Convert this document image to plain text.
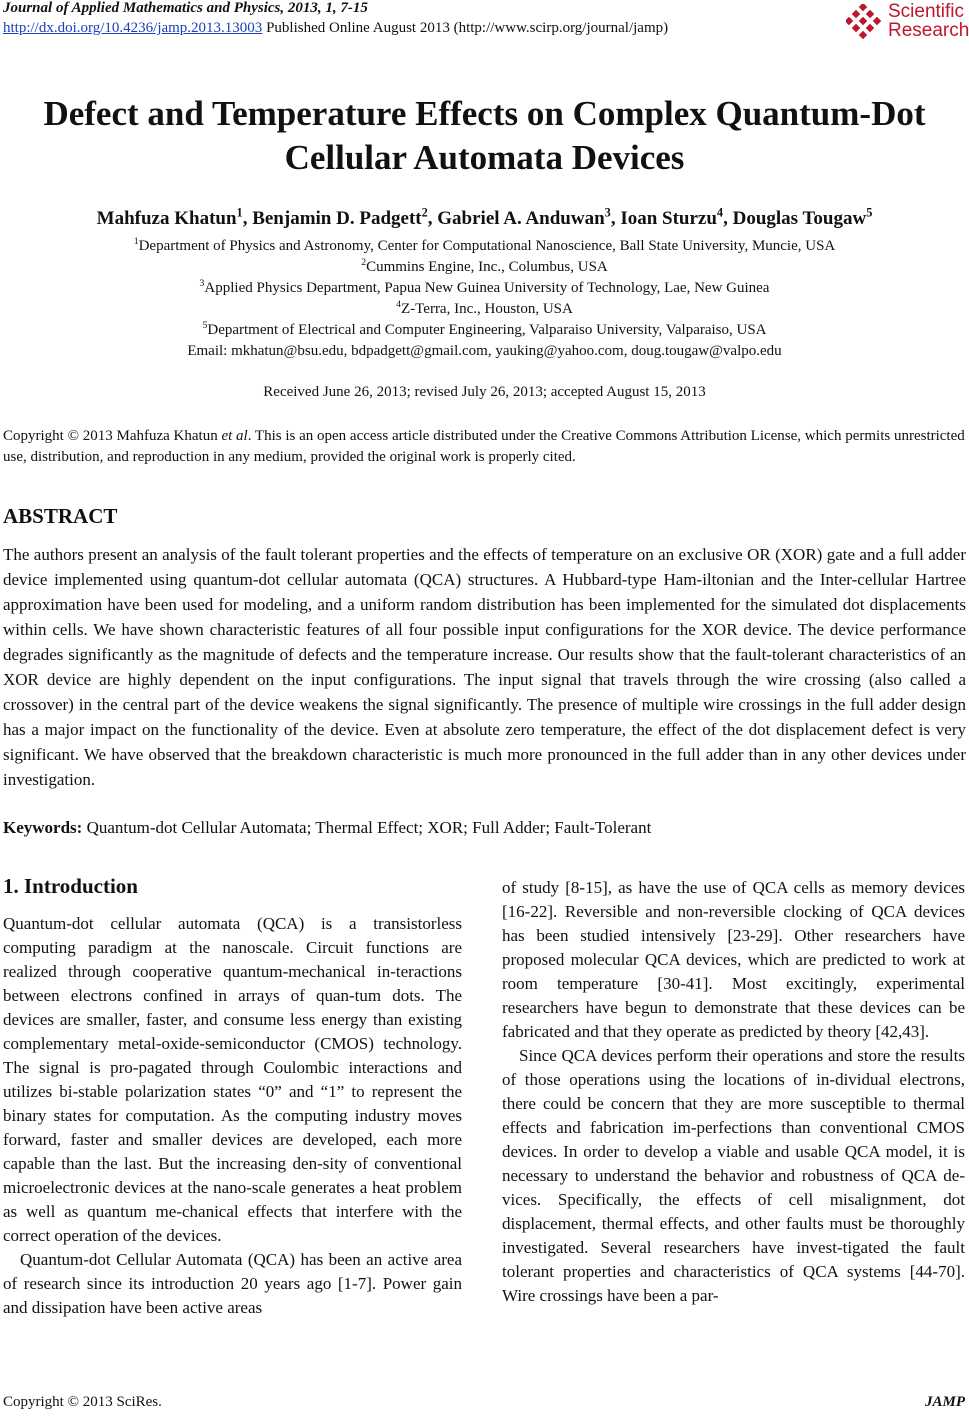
Journal of Applied Mathematics and Physics, 2013, 1, 7-15
http://dx.doi.org/10.4236/jamp.2013.13003 Published Online August 2013 (http://www.scirp.org/journal/jamp)
Scientific
Research
Defect and Temperature Effects on Complex Quantum-Dot
Cellular Automata Devices
Mahfuza Khatun$^1$, Benjamin D. Padgett$^2$, Gabriel A. Anduwan$^3$, Ioan Sturzu$^4$, Douglas Tougaw$^5$
$^1$Department of Physics and Astronomy, Center for Computational Nanoscience, Ball State University, Muncie, USA
$^2$Cummins Engine, Inc., Columbus, USA
$^3$Applied Physics Department, Papua New Guinea University of Technology, Lae, New Guinea
$^4$Z-Terra, Inc., Houston, USA
$^5$Department of Electrical and Computer Engineering, Valparaiso University, Valparaiso, USA
Email: mkhatun@bsu.edu, bdpadgett@gmail.com, yauking@yahoo.com, doug.tougaw@valpo.edu
Received June 26, 2013; revised July 26, 2013; accepted August 15, 2013
Copyright © 2013 Mahfuza Khatun et al. This is an open access article distributed under the Creative Commons Attribution License, which permits unrestricted use, distribution, and reproduction in any medium, provided the original work is properly cited.
ABSTRACT
The authors present an analysis of the fault tolerant properties and the effects of temperature on an exclusive OR (XOR) gate and a full adder device implemented using quantum-dot cellular automata (QCA) structures. A Hubbard-type Ham-iltonian and the Inter-cellular Hartree approximation have been used for modeling, and a uniform random distribution has been implemented for the simulated dot displacements within cells. We have shown characteristic features of all four possible input configurations for the XOR device. The device performance degrades significantly as the magnitude of defects and the temperature increase. Our results show that the fault-tolerant characteristics of an XOR device are highly dependent on the input configurations. The input signal that travels through the wire crossing (also called a crossover) in the central part of the device weakens the signal significantly. The presence of multiple wire crossings in the full adder design has a major impact on the functionality of the device. Even at absolute zero temperature, the effect of the dot displacement defect is very significant. We have observed that the breakdown characteristic is much more pronounced in the full adder than in any other devices under investigation.
Keywords: Quantum-dot Cellular Automata; Thermal Effect; XOR; Full Adder; Fault-Tolerant
1. Introduction

Quantum-dot cellular automata (QCA) is a transistorless computing paradigm at the nanoscale. Circuit functions are realized through cooperative quantum-mechanical in-teractions between electrons confined in arrays of quan-tum dots. The devices are smaller, faster, and consume less energy than existing complementary metal-oxide-semiconductor (CMOS) technology. The signal is pro-pagated through Coulombic interactions and utilizes bi-stable polarization states “0” and “1” to represent the binary states for computation. As the computing industry moves forward, faster and smaller devices are developed, each more capable than the last. But the increasing den-sity of conventional microelectronic devices at the nano-scale generates a heat problem as well as quantum me-chanical effects that interfere with the correct operation of the devices.

Quantum-dot Cellular Automata (QCA) has been an active area of research since its introduction 20 years ago [1-7]. Power gain and dissipation have been active areas

of study [8-15], as have the use of QCA cells as memory devices [16-22]. Reversible and non-reversible clocking of QCA devices has been studied intensively [23-29]. Other researchers have proposed molecular QCA devices, which are predicted to work at room temperature [30-41]. Most excitingly, experimental researchers have begun to demonstrate that these devices can be fabricated and that they operate as predicted by theory [42,43].

Since QCA devices perform their operations and store the results of those operations using the locations of in-dividual electrons, there could be concern that they are more susceptible to thermal effects and fabrication im-perfections than conventional CMOS devices. In order to develop a viable and usable QCA model, it is necessary to understand the behavior and robustness of QCA de-vices. Specifically, the effects of cell misalignment, dot displacement, thermal effects, and other faults must be thoroughly investigated. Several researchers have invest-tigated the fault tolerant properties and characteristics of QCA systems [44-70]. Wire crossings have been a par-

Copyright © 2013 SciRes.	JAMP
